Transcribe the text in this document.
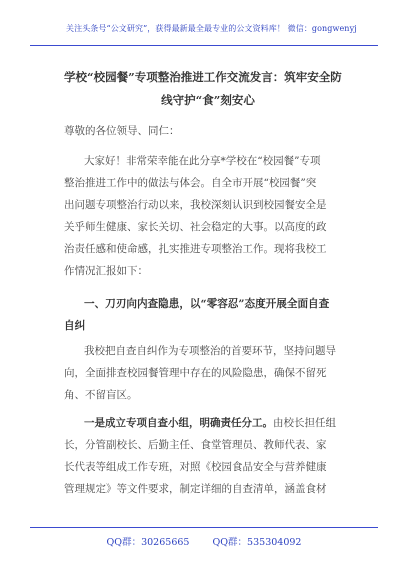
关注头条号“公文研究”，获得最新最全最专业的公文资料库！ 微信：gongwenyj
学校“校园餐”专项整治推进工作交流发言：筑牢安全防
线守护“食”刻安心
尊敬的各位领导、同仁：
大家好！非常荣幸能在此分享*学校在“校园餐”专项
整治推进工作中的做法与体会。自全市开展“校园餐”突
出问题专项整治行动以来，我校深刻认识到校园餐安全是
关乎师生健康、家长关切、社会稳定的大事。以高度的政
治责任感和使命感，扎实推进专项整治工作。现将我校工
作情况汇报如下：
一、刀刃向内查隐患，以“零容忍”态度开展全面自查
自纠
我校把自查自纠作为专项整治的首要环节，坚持问题导
向，全面排查校园餐管理中存在的风险隐患，确保不留死
角、不留盲区。
一是成立专项自查小组，明确责任分工。由校长担任组
长，分管副校长、后勤主任、食堂管理员、教师代表、家
长代表等组成工作专班，对照《校园食品安全与营养健康
管理规定》等文件要求，制定详细的自查清单，涵盖食材
QQ群：30265665 QQ群：535304092
